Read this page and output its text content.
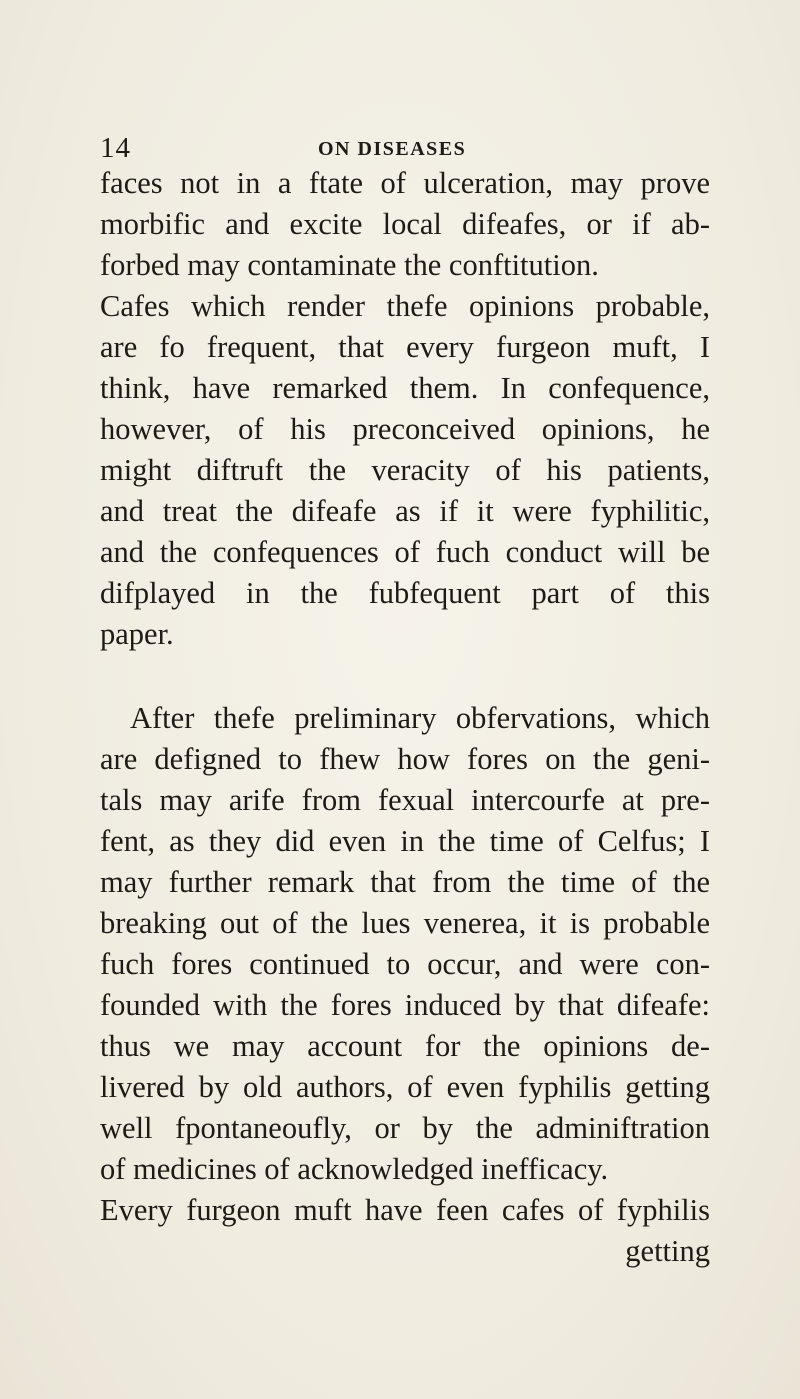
14	ON DISEASES
faces not in a ftate of ulceration, may prove
morbific and excite local difeafes, or if ab-
forbed may contaminate the conftitution.
Cafes which render thefe opinions probable,
are fo frequent, that every furgeon muft, I
think, have remarked them. In confequence,
however, of his preconceived opinions, he
might diftruft the veracity of his patients,
and treat the difeafe as if it were fyphilitic,
and the confequences of fuch conduct will be
difplayed in the fubfequent part of this
paper.
After thefe preliminary obfervations, which
are defigned to fhew how fores on the geni-
tals may arife from fexual intercourfe at pre-
fent, as they did even in the time of Celfus; I
may further remark that from the time of the
breaking out of the lues venerea, it is probable
fuch fores continued to occur, and were con-
founded with the fores induced by that difeafe:
thus we may account for the opinions de-
livered by old authors, of even fyphilis getting
well fpontaneoufly, or by the adminiftration
of medicines of acknowledged inefficacy.
Every furgeon muft have feen cafes of fyphilis
getting
